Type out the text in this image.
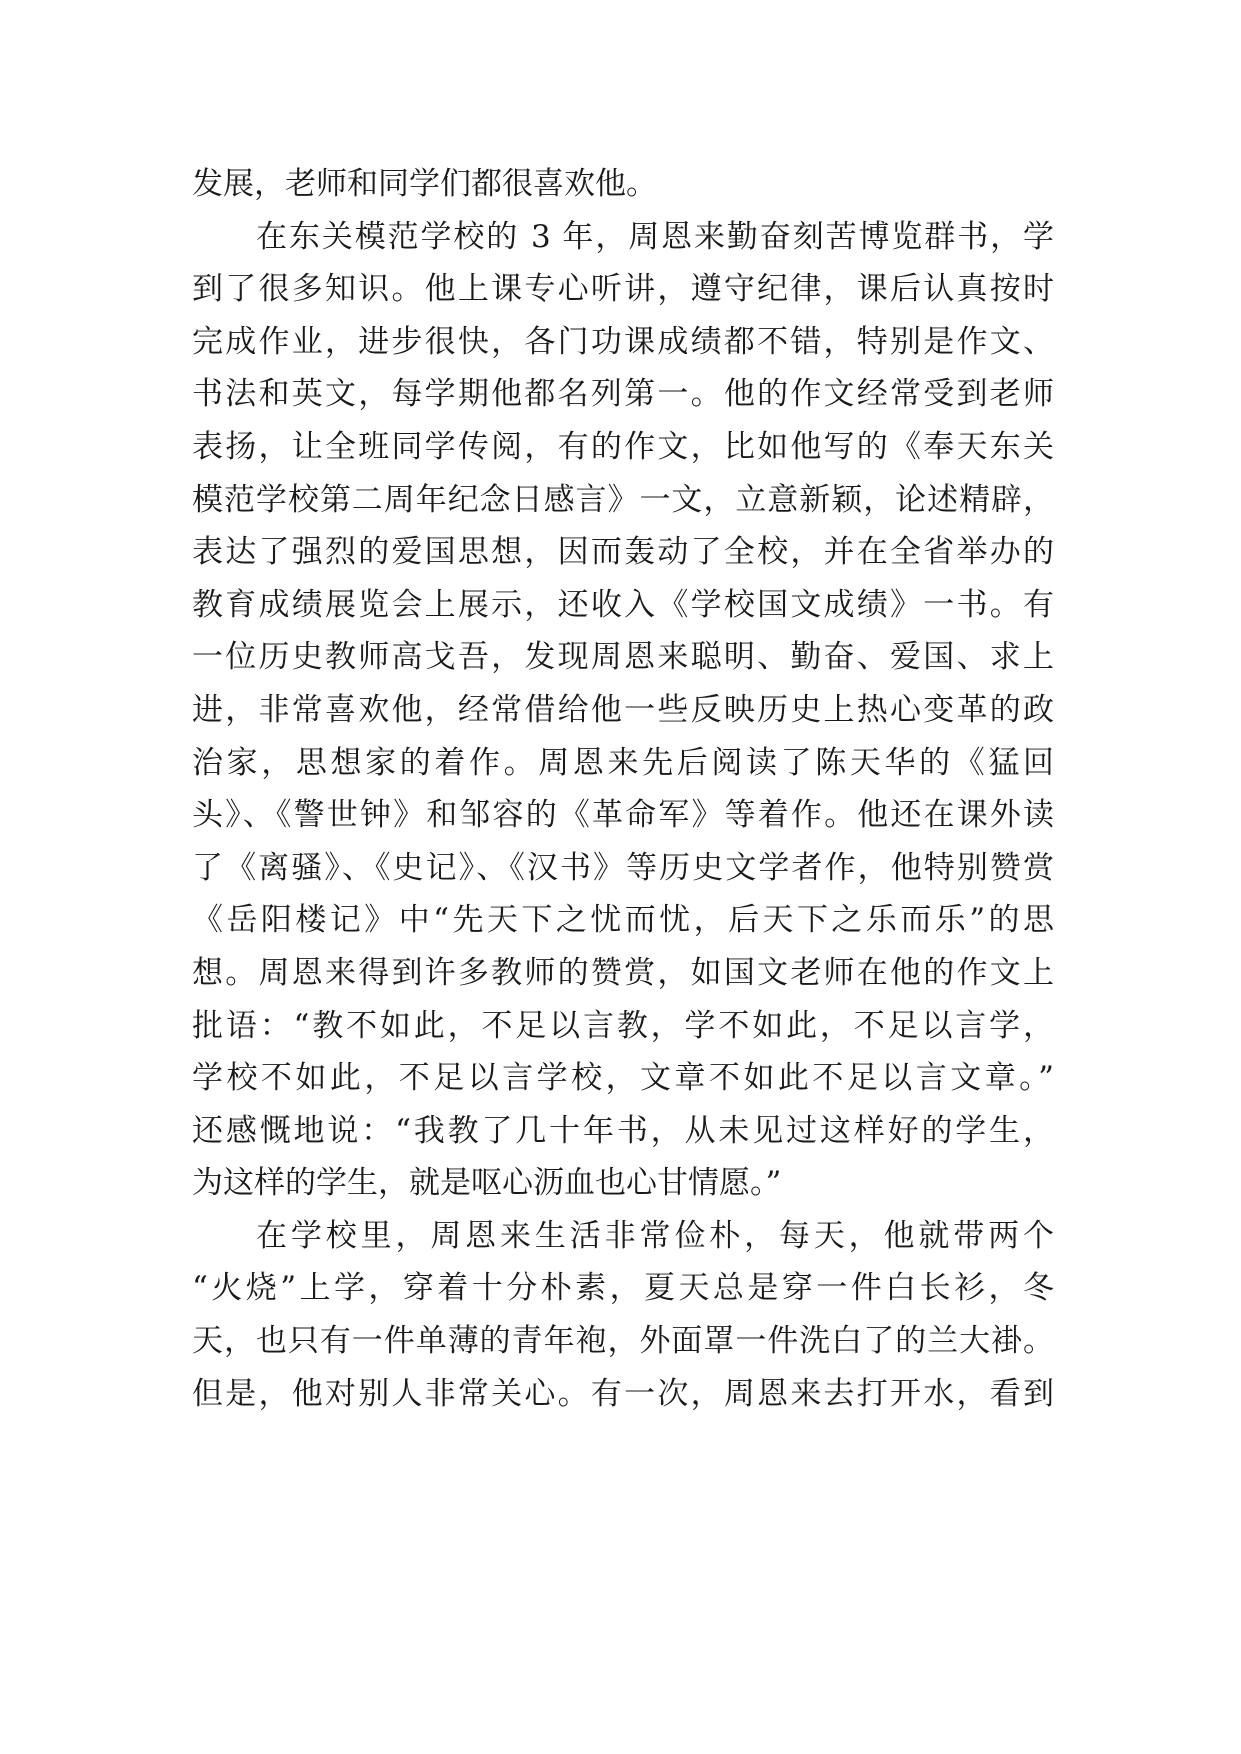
发展，老师和同学们都很喜欢他。
在东关模范学校的 3 年，周恩来勤奋刻苦博览群书，学
到了很多知识。他上课专心听讲，遵守纪律，课后认真按时
完成作业，进步很快，各门功课成绩都不错，特别是作文、
书法和英文，每学期他都名列第一。他的作文经常受到老师
表扬，让全班同学传阅，有的作文，比如他写的《奉天东关
模范学校第二周年纪念日感言》一文，立意新颖，论述精辟，
表达了强烈的爱国思想，因而轰动了全校，并在全省举办的
教育成绩展览会上展示，还收入《学校国文成绩》一书。有
一位历史教师高戈吾，发现周恩来聪明、勤奋、爱国、求上
进，非常喜欢他，经常借给他一些反映历史上热心变革的政
治家，思想家的着作。周恩来先后阅读了陈天华的《猛回
头》、《警世钟》和邹容的《革命军》等着作。他还在课外读
了《离骚》、《史记》、《汉书》等历史文学者作，他特别赞赏
《岳阳楼记》中“先天下之忧而忧，后天下之乐而乐”的思
想。周恩来得到许多教师的赞赏，如国文老师在他的作文上
批语：“教不如此，不足以言教，学不如此，不足以言学，
学校不如此，不足以言学校，文章不如此不足以言文章。”
还感慨地说：“我教了几十年书，从未见过这样好的学生，
为这样的学生，就是呕心沥血也心甘情愿。”
在学校里，周恩来生活非常俭朴，每天，他就带两个
“火烧”上学，穿着十分朴素，夏天总是穿一件白长衫，冬
天，也只有一件单薄的青年袍，外面罩一件洗白了的兰大褂。
但是，他对别人非常关心。有一次，周恩来去打开水，看到
